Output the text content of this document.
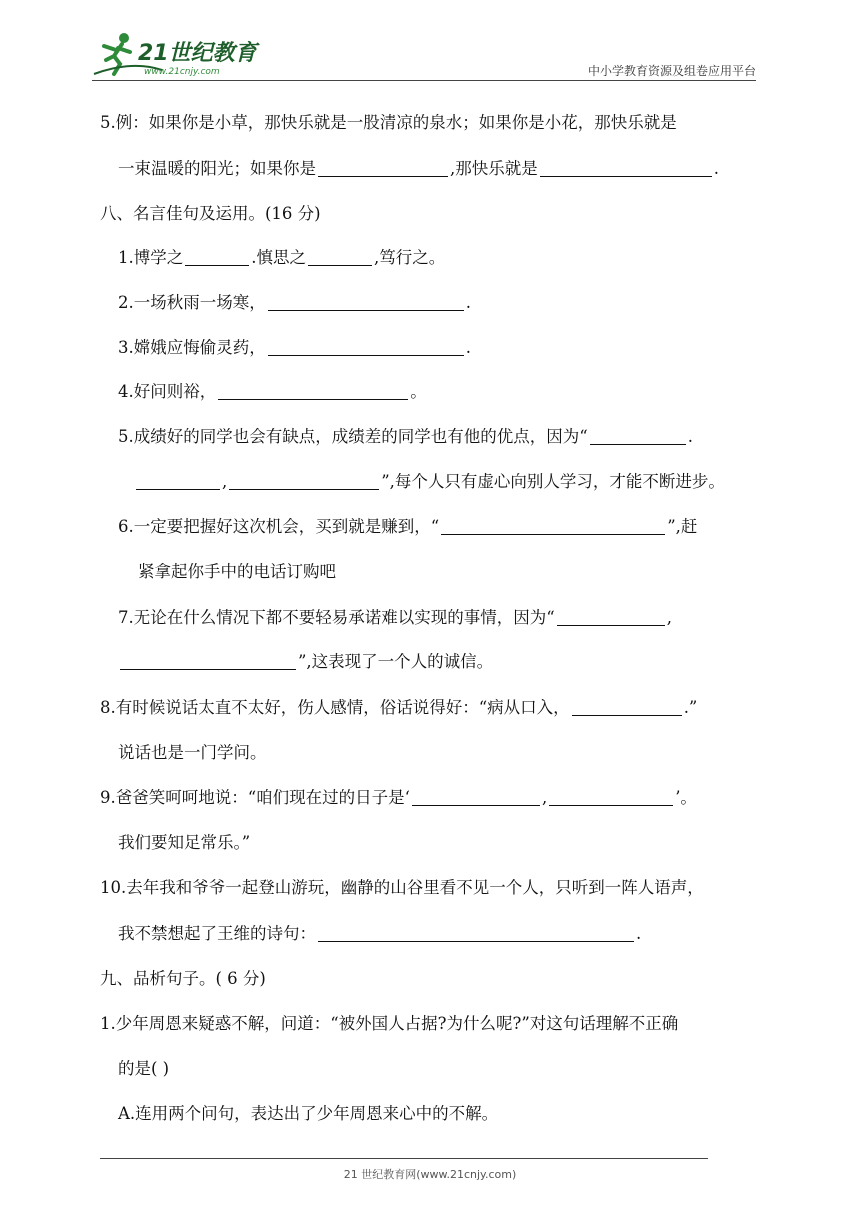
21世纪教育
www.21cnjy.com	中小学教育资源及组卷应用平台
5.例：如果你是小草，那快乐就是一股清凉的泉水；如果你是小花，那快乐就是
一束温暖的阳光；如果你是	,那快乐就是	.
八、名言佳句及运用。(16 分)
1.博学之	.慎思之	,笃行之。
2.一场秋雨一场寒，	.
3.嫦娥应悔偷灵药，	.
4.好问则裕，	。
5.成绩好的同学也会有缺点，成绩差的同学也有他的优点，因为“	.
,	”,每个人只有虚心向别人学习，才能不断进步。
6.一定要把握好这次机会，买到就是赚到，“	”,赶
紧拿起你手中的电话订购吧
7.无论在什么情况下都不要轻易承诺难以实现的事情，因为“	,
”,这表现了一个人的诚信。
8.有时候说话太直不太好，伤人感情，俗话说得好：“病从口入，	.”
说话也是一门学问。
9.爸爸笑呵呵地说：“咱们现在过的日子是‘	,	’。
我们要知足常乐。”
10.去年我和爷爷一起登山游玩，幽静的山谷里看不见一个人，只听到一阵人语声，
我不禁想起了王维的诗句：	.
九、品析句子。( 6 分)
1.少年周恩来疑惑不解，问道：“被外国人占据?为什么呢?”对这句话理解不正确
的是( )
A.连用两个问句，表达出了少年周恩来心中的不解。
21 世纪教育网(www.21cnjy.com)
